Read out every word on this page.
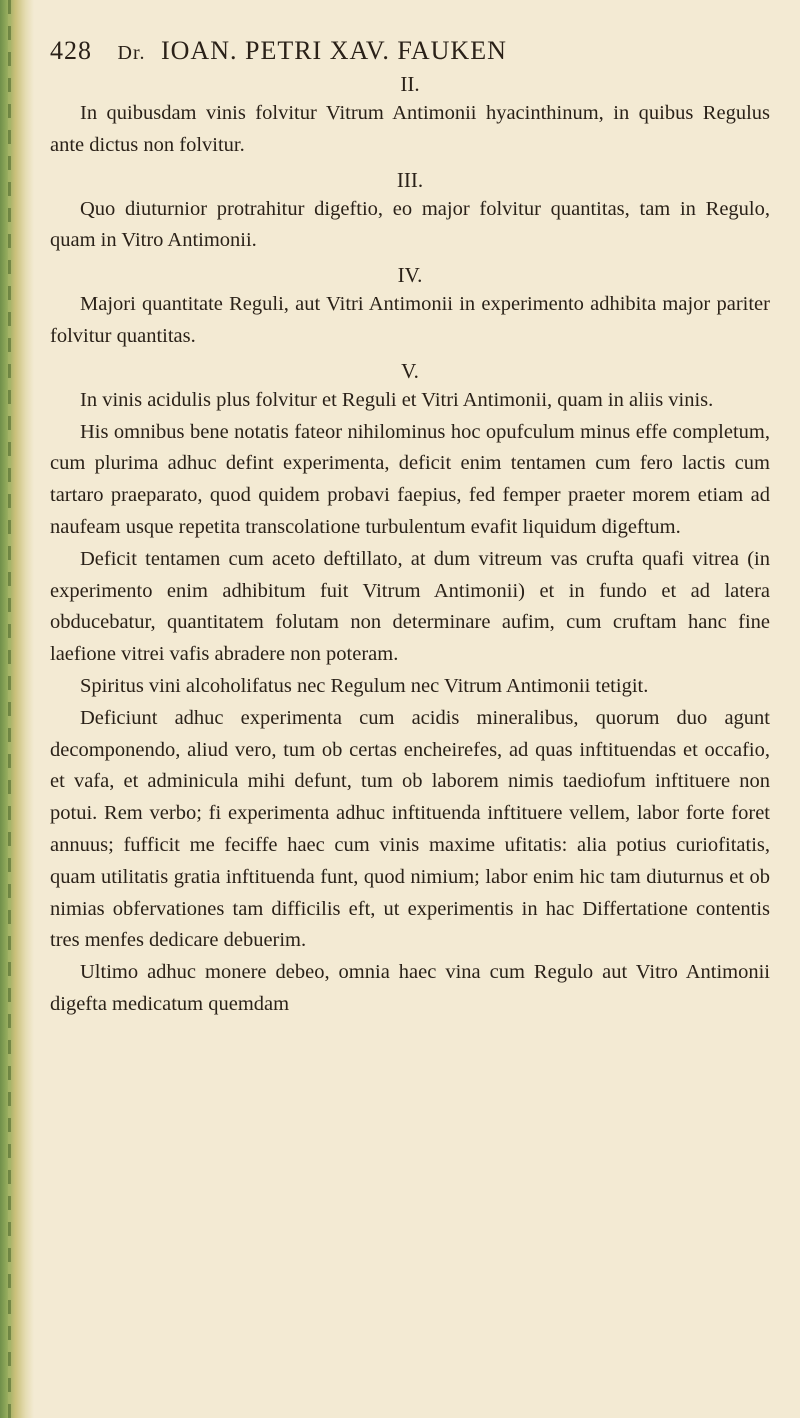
428 Dr. IOAN. PETRI XAV. FAUKEN
II.

In quibusdam vinis folvitur Vitrum Antimonii hyacinthinum, in quibus Regulus ante dictus non folvitur.

III.

Quo diuturnior protrahitur digeftio, eo major folvitur quantitas, tam in Regulo, quam in Vitro Antimonii.

IV.

Majori quantitate Reguli, aut Vitri Antimonii in experimento adhibita major pariter folvitur quantitas.

V.

In vinis acidulis plus folvitur et Reguli et Vitri Antimonii, quam in aliis vinis.

His omnibus bene notatis fateor nihilominus hoc opufculum minus effe completum, cum plurima adhuc defint experimenta, deficit enim tentamen cum fero lactis cum tartaro praeparato, quod quidem probavi faepius, fed femper praeter morem etiam ad naufeam usque repetita transcolatione turbulentum evafit liquidum digeftum.

Deficit tentamen cum aceto deftillato, at dum vitreum vas crufta quafi vitrea (in experimento enim adhibitum fuit Vitrum Antimonii) et in fundo et ad latera obducebatur, quantitatem folutam non determinare aufim, cum cruftam hanc fine laefione vitrei vafis abradere non poteram.

Spiritus vini alcoholifatus nec Regulum nec Vitrum Antimonii tetigit.

Deficiunt adhuc experimenta cum acidis mineralibus, quorum duo agunt decomponendo, aliud vero, tum ob certas encheirefes, ad quas inftituendas et occafio, et vafa, et adminicula mihi defunt, tum ob laborem nimis taediofum inftituere non potui. Rem verbo; fi experimenta adhuc inftituenda inftituere vellem, labor forte foret annuus; fufficit me feciffe haec cum vinis maxime ufitatis: alia potius curiofitatis, quam utilitatis gratia inftituenda funt, quod nimium; labor enim hic tam diuturnus et ob nimias obfervationes tam difficilis eft, ut experimentis in hac Differtatione contentis tres menfes dedicare debuerim.

Ultimo adhuc monere debeo, omnia haec vina cum Regulo aut Vitro Antimonii digefta medicatum quemdam
